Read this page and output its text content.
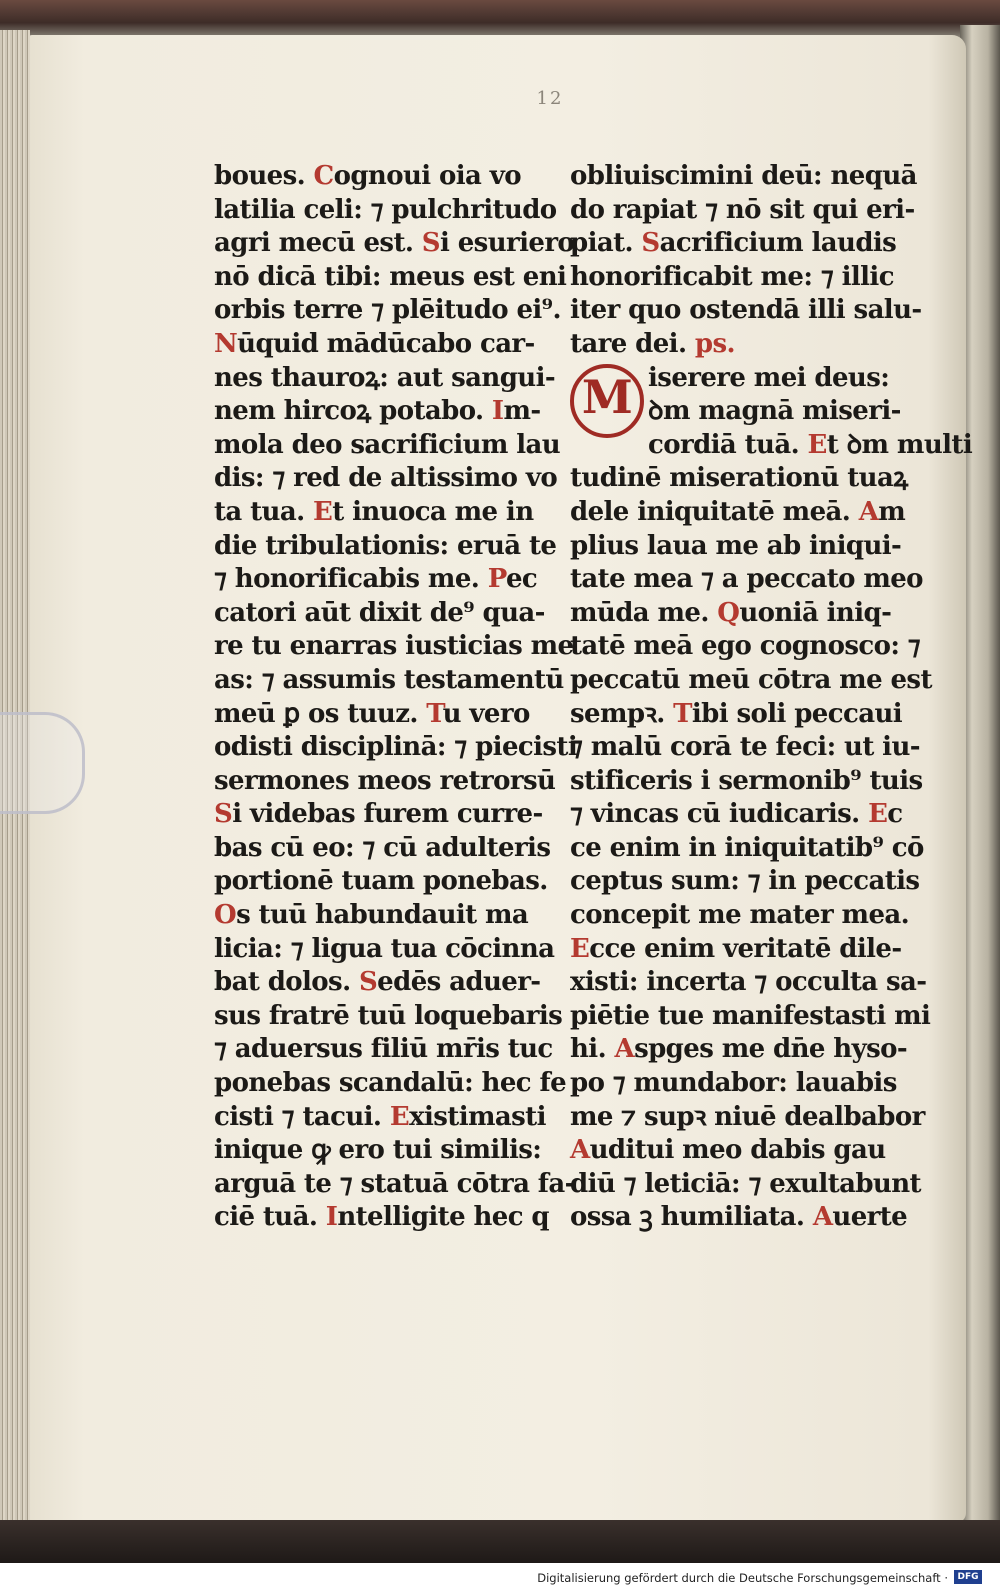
12
boues. Cognoui oia vo
latilia celi: ⁊ pulchritudo
agri mecū est. Si esuriero
nō dicā tibi: meus est eni
orbis terre ⁊ plēitudo ei⁹.
Nūquid mādūcabo car-
nes thauroꝝ: aut sangui-
nem hircoꝝ potabo. Im-
mola deo sacrificium lau
dis: ⁊ red de altissimo vo
ta tua. Et inuoca me in
die tribulationis: eruā te
⁊ honorificabis me. Pec
catori aūt dixit de⁹ qua-
re tu enarras iusticias me
as: ⁊ assumis testamentū
meū ꝑ os tuuz. Tu vero
odisti disciplinā: ⁊ piecisti
sermones meos retrorsū
Si videbas furem curre-
bas cū eo: ⁊ cū adulteris
portionē tuam ponebas.
Os tuū habundauit ma
licia: ⁊ ligua tua cōcinna
bat dolos. Sedēs aduer-
sus fratrē tuū loquebaris
⁊ aduersus filiū mr̄is tuc
ponebas scandalū: hec fe
cisti ⁊ tacui. Existimasti
inique ꝙ ero tui similis:
arguā te ⁊ statuā cōtra fa-
ciē tuā. Intelligite hec q
obliuiscimini deū: nequā
do rapiat ⁊ nō sit qui eri-
piat. Sacrificium laudis
honorificabit me: ⁊ illic
iter quo ostendā illi salu-
tare dei. ps.
M iserere mei deus:
ꝺm magnā miseri-
cordiā tuā. Et ꝺm multi
tudinē miserationū tuaꝝ
dele iniquitatē meā. Am
plius laua me ab iniqui-
tate mea ⁊ a peccato meo
mūda me. Quoniā iniq-
tatē meā ego cognosco: ⁊
peccatū meū cōtra me est
sempꝛ. Tibi soli peccaui
⁊ malū corā te feci: ut iu-
stificeris i sermonib⁹ tuis
⁊ vincas cū iudicaris. Ec
ce enim in iniquitatib⁹ cō
ceptus sum: ⁊ in peccatis
concepit me mater mea.
Ecce enim veritatē dile-
xisti: incerta ⁊ occulta sa-
piētie tue manifestasti mi
hi. Aspges me dn̄e hyso-
po ⁊ mundabor: lauabis
me ⁊ supꝛ niuē dealbabor
Auditui meo dabis gau
diū ⁊ leticiā: ⁊ exultabunt
ossa ꝫ humiliata. Auerte
Digitalisierung gefördert durch die Deutsche Forschungsgemeinschaft ·	DFG
